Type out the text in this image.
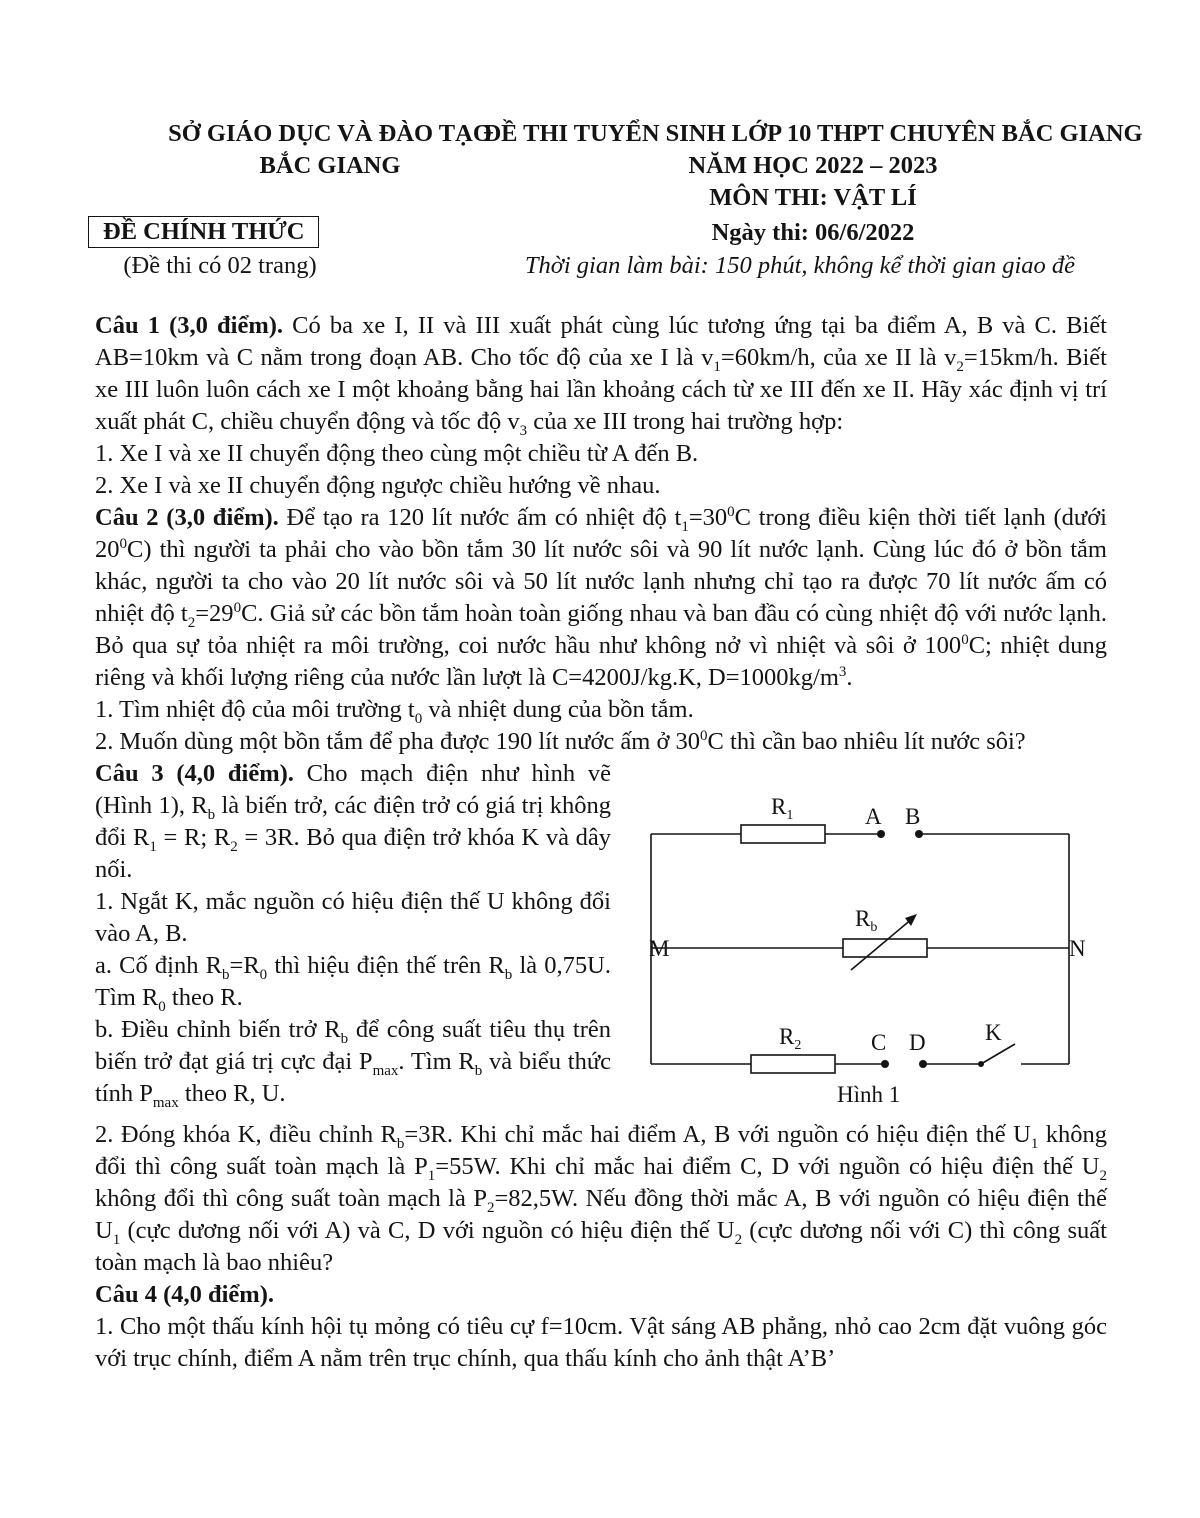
SỞ GIÁO DỤC VÀ ĐÀO TẠO
BẮC GIANG
ĐỀ CHÍNH THỨC
(Đề thi có 02 trang)
ĐỀ THI TUYỂN SINH LỚP 10 THPT CHUYÊN BẮC GIANG
NĂM HỌC 2022 – 2023
MÔN THI: VẬT LÍ
Ngày thi: 06/6/2022
Thời gian làm bài: 150 phút, không kể thời gian giao đề

Câu 1 (3,0 điểm). Có ba xe I, II và III xuất phát cùng lúc tương ứng tại ba điểm A, B và C. Biết AB=10km và C nằm trong đoạn AB. Cho tốc độ của xe I là $v_1=60km/h$, của xe II là $v_2=15km/h$. Biết xe III luôn luôn cách xe I một khoảng bằng hai lần khoảng cách từ xe III đến xe II. Hãy xác định vị trí xuất phát C, chiều chuyển động và tốc độ $v_3$ của xe III trong hai trường hợp:

1. Xe I và xe II chuyển động theo cùng một chiều từ A đến B.

2. Xe I và xe II chuyển động ngược chiều hướng về nhau.

Câu 2 (3,0 điểm). Để tạo ra 120 lít nước ấm có nhiệt độ $t_1=30^0C$ trong điều kiện thời tiết lạnh (dưới $20^0C$) thì người ta phải cho vào bồn tắm 30 lít nước sôi và 90 lít nước lạnh. Cùng lúc đó ở bồn tắm khác, người ta cho vào 20 lít nước sôi và 50 lít nước lạnh nhưng chỉ tạo ra được 70 lít nước ấm có nhiệt độ $t_2=29^0C$. Giả sử các bồn tắm hoàn toàn giống nhau và ban đầu có cùng nhiệt độ với nước lạnh. Bỏ qua sự tỏa nhiệt ra môi trường, coi nước hầu như không nở vì nhiệt và sôi ở $100^0C$; nhiệt dung riêng và khối lượng riêng của nước lần lượt là C=4200J/kg.K, $D=1000kg/m^3$.

1. Tìm nhiệt độ của môi trường $t_0$ và nhiệt dung của bồn tắm.

2. Muốn dùng một bồn tắm để pha được 190 lít nước ấm ở $30^0C$ thì cần bao nhiêu lít nước sôi?

Câu 3 (4,0 điểm). Cho mạch điện như hình vẽ (Hình 1), $R_b$ là biến trở, các điện trở có giá trị không đổi $R_1 = R$; $R_2 = 3R$. Bỏ qua điện trở khóa K và dây nối.

1. Ngắt K, mắc nguồn có hiệu điện thế U không đổi vào A, B.

a. Cố định $R_b=R_0$ thì hiệu điện thế trên $R_b$ là 0,75U. Tìm $R_0$ theo R.

b. Điều chỉnh biến trở $R_b$ để công suất tiêu thụ trên biến trở đạt giá trị cực đại $P_{max}$. Tìm $R_b$ và biểu thức tính $P_{max}$ theo R, U.

$R_1$	A B
$R_b$
M	N
$R_2$	C D	K
Hình 1

2. Đóng khóa K, điều chỉnh $R_b=3R$. Khi chỉ mắc hai điểm A, B với nguồn có hiệu điện thế $U_1$ không đổi thì công suất toàn mạch là $P_1=55W$. Khi chỉ mắc hai điểm C, D với nguồn có hiệu điện thế $U_2$ không đổi thì công suất toàn mạch là $P_2=82,5W$. Nếu đồng thời mắc A, B với nguồn có hiệu điện thế $U_1$ (cực dương nối với A) và C, D với nguồn có hiệu điện thế $U_2$ (cực dương nối với C) thì công suất toàn mạch là bao nhiêu?

Câu 4 (4,0 điểm).

1. Cho một thấu kính hội tụ mỏng có tiêu cự f=10cm. Vật sáng AB phẳng, nhỏ cao 2cm đặt vuông góc với trục chính, điểm A nằm trên trục chính, qua thấu kính cho ảnh thật A’B’
